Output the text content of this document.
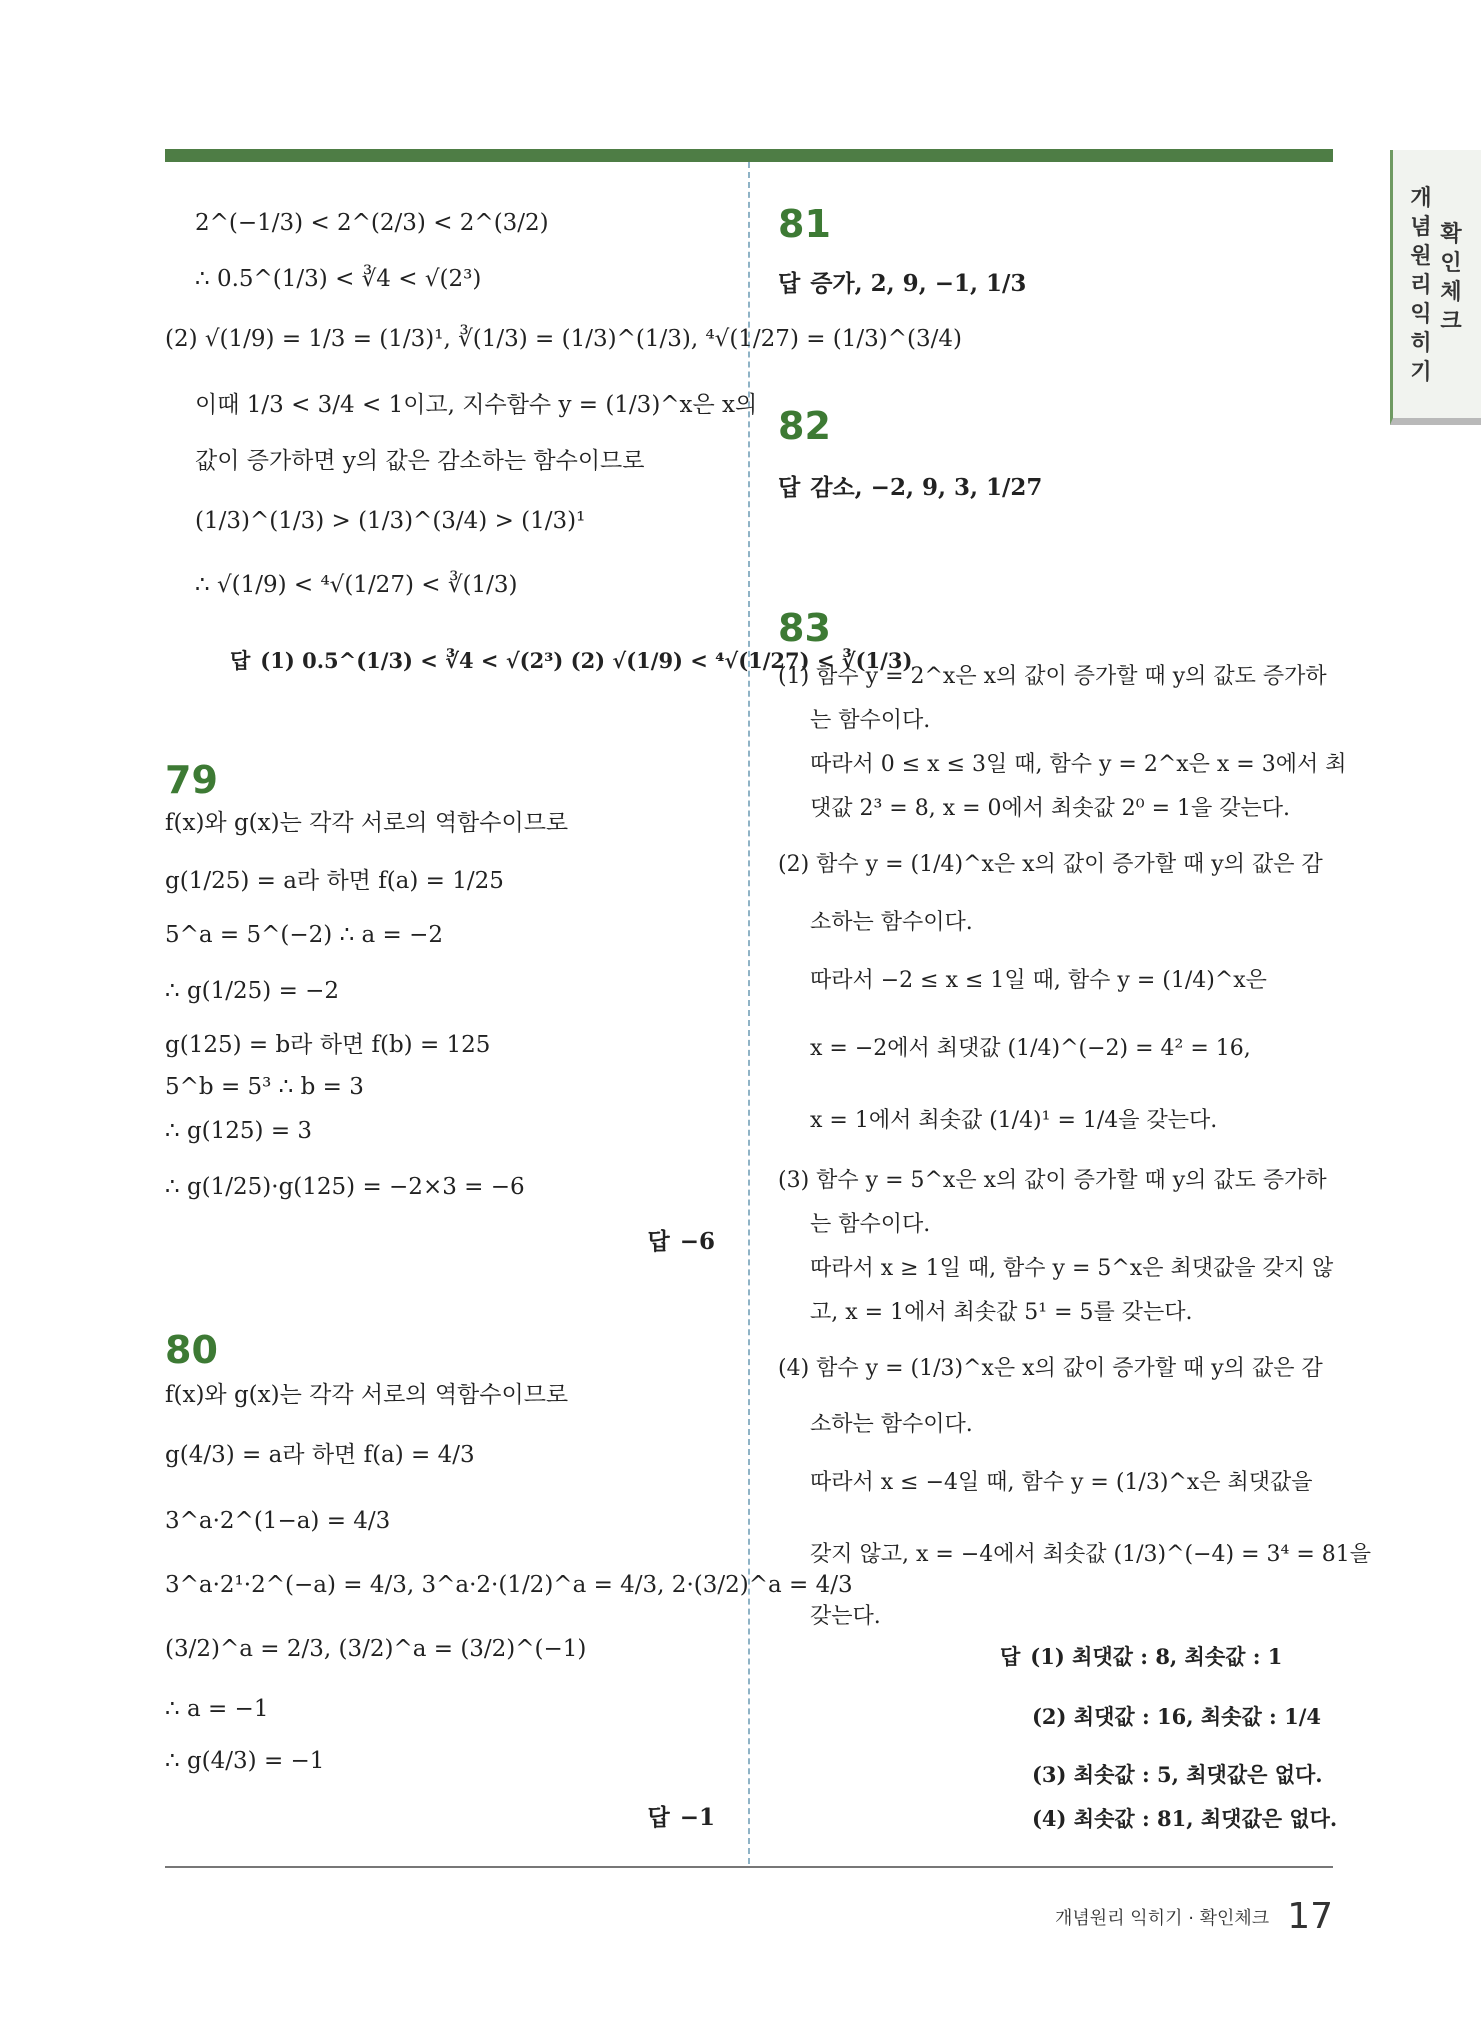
개
념
원
리
익
히
기
확
인
체
크
2^(−1/3) < 2^(2/3) < 2^(3/2)
∴ 0.5^(1/3) < ∛4 < √(2³)
(2) √(1/9) = 1/3 = (1/3)¹, ∛(1/3) = (1/3)^(1/3), ⁴√(1/27) = (1/3)^(3/4)
이때 1/3 < 3/4 < 1이고, 지수함수 y = (1/3)^x은 x의
값이 증가하면 y의 값은 감소하는 함수이므로
(1/3)^(1/3) > (1/3)^(3/4) > (1/3)¹
∴ √(1/9) < ⁴√(1/27) < ∛(1/3)
답 (1) 0.5^(1/3) < ∛4 < √(2³) (2) √(1/9) < ⁴√(1/27) < ∛(1/3)
79
f(x)와 g(x)는 각각 서로의 역함수이므로
g(1/25) = a라 하면 f(a) = 1/25
5^a = 5^(−2) ∴ a = −2
∴ g(1/25) = −2
g(125) = b라 하면 f(b) = 125
5^b = 5³ ∴ b = 3
∴ g(125) = 3
∴ g(1/25)·g(125) = −2×3 = −6
답 −6
80
f(x)와 g(x)는 각각 서로의 역함수이므로
g(4/3) = a라 하면 f(a) = 4/3
3^a·2^(1−a) = 4/3
3^a·2¹·2^(−a) = 4/3, 3^a·2·(1/2)^a = 4/3, 2·(3/2)^a = 4/3
(3/2)^a = 2/3, (3/2)^a = (3/2)^(−1)
∴ a = −1
∴ g(4/3) = −1
답 −1
81
답 증가, 2, 9, −1, 1/3
82
답 감소, −2, 9, 3, 1/27
83
(1) 함수 y = 2^x은 x의 값이 증가할 때 y의 값도 증가하
는 함수이다.
따라서 0 ≤ x ≤ 3일 때, 함수 y = 2^x은 x = 3에서 최
댓값 2³ = 8, x = 0에서 최솟값 2⁰ = 1을 갖는다.
(2) 함수 y = (1/4)^x은 x의 값이 증가할 때 y의 값은 감
소하는 함수이다.
따라서 −2 ≤ x ≤ 1일 때, 함수 y = (1/4)^x은
x = −2에서 최댓값 (1/4)^(−2) = 4² = 16,
x = 1에서 최솟값 (1/4)¹ = 1/4을 갖는다.
(3) 함수 y = 5^x은 x의 값이 증가할 때 y의 값도 증가하
는 함수이다.
따라서 x ≥ 1일 때, 함수 y = 5^x은 최댓값을 갖지 않
고, x = 1에서 최솟값 5¹ = 5를 갖는다.
(4) 함수 y = (1/3)^x은 x의 값이 증가할 때 y의 값은 감
소하는 함수이다.
따라서 x ≤ −4일 때, 함수 y = (1/3)^x은 최댓값을
갖지 않고, x = −4에서 최솟값 (1/3)^(−4) = 3⁴ = 81을
갖는다.
답 (1) 최댓값 : 8, 최솟값 : 1
(2) 최댓값 : 16, 최솟값 : 1/4
(3) 최솟값 : 5, 최댓값은 없다.
(4) 최솟값 : 81, 최댓값은 없다.
개념원리 익히기 · 확인체크 17
